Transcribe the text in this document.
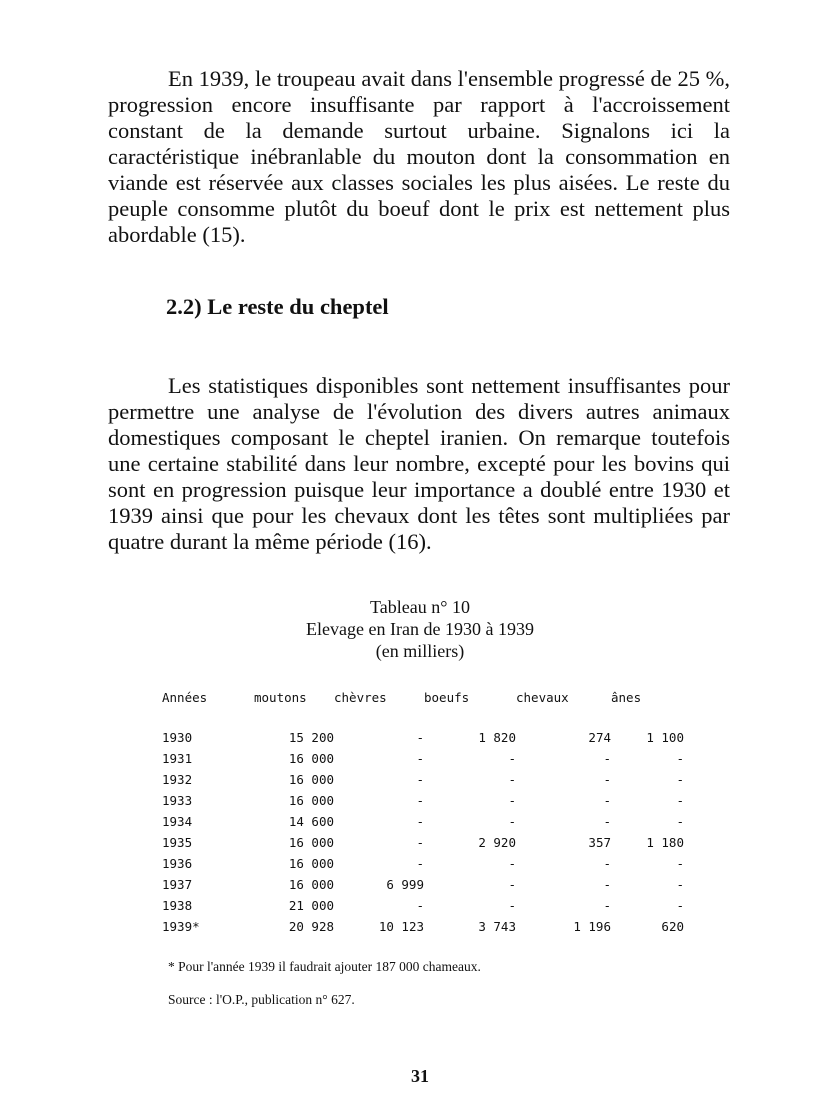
En 1939, le troupeau avait dans l'ensemble progressé de 25 %, progression encore insuffisante par rapport à l'accroissement constant de la demande surtout urbaine. Signalons ici la caractéristique inébranlable du mouton dont la consommation en viande est réservée aux classes sociales les plus aisées. Le reste du peuple consomme plutôt du boeuf dont le prix est nettement plus abordable (15).

2.2) Le reste du cheptel

Les statistiques disponibles sont nettement insuffisantes pour permettre une analyse de l'évolution des divers autres animaux domestiques composant le cheptel iranien. On remarque toutefois une certaine stabilité dans leur nombre, excepté pour les bovins qui sont en progression puisque leur importance a doublé entre 1930 et 1939 ainsi que pour les chevaux dont les têtes sont multipliées par quatre durant la même période (16).

Tableau n° 10
Elevage en Iran de 1930 à 1939
(en milliers)
Années	moutons	chèvres	boeufs	chevaux	ânes

1930	15 200	-	1 820	274	1 100
1931	16 000	-	-	-	-
1932	16 000	-	-	-	-
1933	16 000	-	-	-	-
1934	14 600	-	-	-	-
1935	16 000	-	2 920	357	1 180
1936	16 000	-	-	-	-
1937	16 000	6 999	-	-	-
1938	21 000	-	-	-	-
1939*	20 928	10 123	3 743	1 196	620
* Pour l'année 1939 il faudrait ajouter 187 000 chameaux.
Source : l'O.P., publication n° 627.
31
